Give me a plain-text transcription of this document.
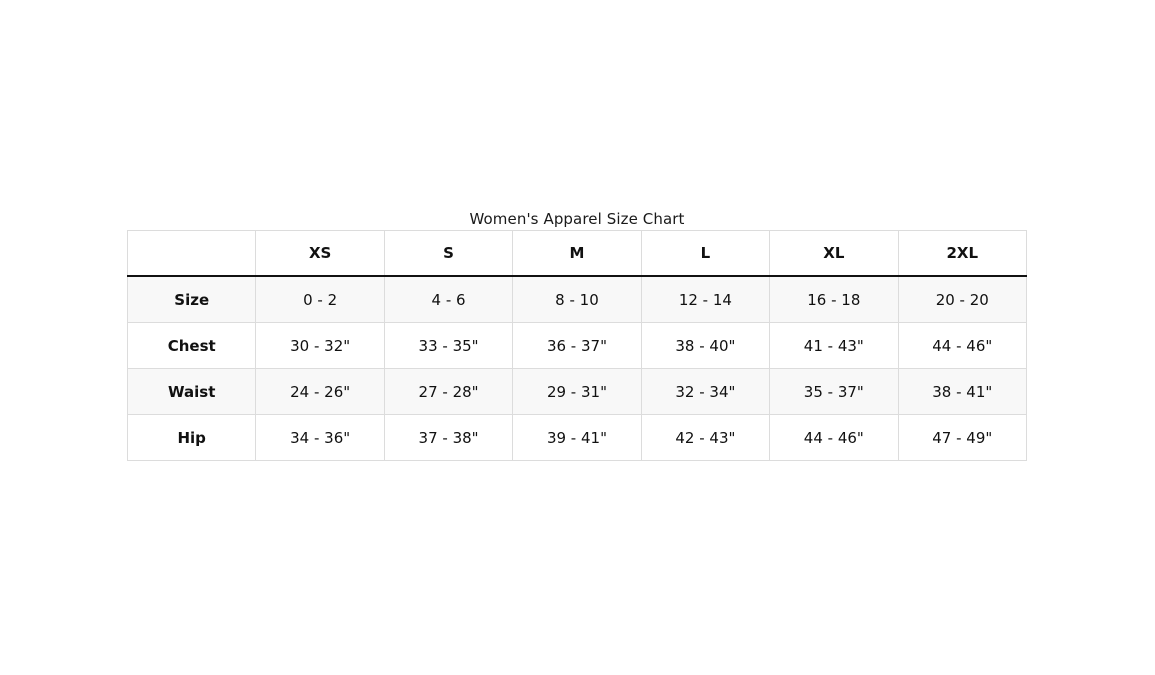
Women's Apparel Size Chart
	XS	S	M	L	XL	2XL
Size	0 - 2	4 - 6	8 - 10	12 - 14	16 - 18	20 - 20
Chest	30 - 32"	33 - 35"	36 - 37"	38 - 40"	41 - 43"	44 - 46"
Waist	24 - 26"	27 - 28"	29 - 31"	32 - 34"	35 - 37"	38 - 41"
Hip	34 - 36"	37 - 38"	39 - 41"	42 - 43"	44 - 46"	47 - 49"
